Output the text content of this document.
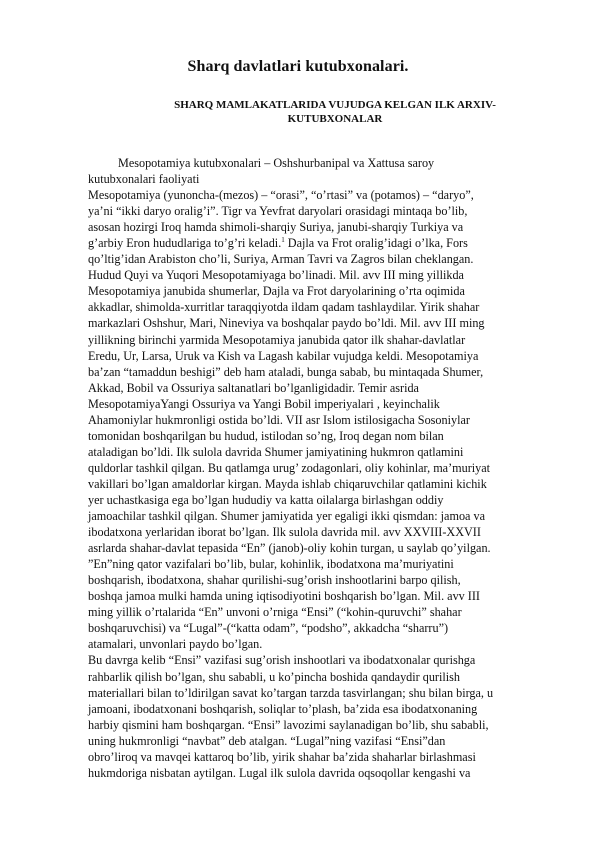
Sharq davlatlari kutubxonalari.
SHARQ MAMLAKATLARIDA VUJUDGA KELGAN ILK ARXIV-
KUTUBXONALAR
Mesopotamiya kutubxonalari – Oshshurbanipal va Xattusa saroy
kutubxonalari faoliyati
Mesopotamiya (yunoncha-(mezos) – “orasi”, “o’rtasi” va (potamos) – “daryo”,
ya’ni “ikki daryo oralig’i”. Tigr va Yevfrat daryolari orasidagi mintaqa bo’lib,
asosan hozirgi Iroq hamda shimoli-sharqiy Suriya, janubi-sharqiy Turkiya va
g’arbiy Eron hududlariga to’g’ri keladi.$^1$ Dajla va Frot oralig’idagi o’lka, Fors
qo’ltig’idan Arabiston cho’li, Suriya, Arman Tavri va Zagros bilan cheklangan.
Hudud Quyi va Yuqori Mesopotamiyaga bo’linadi. Mil. avv III ming yillikda
Mesopotamiya janubida shumerlar, Dajla va Frot daryolarining o’rta oqimida
akkadlar, shimolda-xurritlar taraqqiyotda ildam qadam tashlaydilar. Yirik shahar
markazlari Oshshur, Mari, Nineviya va boshqalar paydo bo’ldi. Mil. avv III ming
yillikning birinchi yarmida Mesopotamiya janubida qator ilk shahar-davlatlar
Eredu, Ur, Larsa, Uruk va Kish va Lagash kabilar vujudga keldi. Mesopotamiya
ba’zan “tamaddun beshigi” deb ham ataladi, bunga sabab, bu mintaqada Shumer,
Akkad, Bobil va Ossuriya saltanatlari bo’lganligidadir. Temir asrida
MesopotamiyaYangi Ossuriya va Yangi Bobil imperiyalari , keyinchalik
Ahamoniylar hukmronligi ostida bo’ldi. VII asr Islom istilosigacha Sosoniylar
tomonidan boshqarilgan bu hudud, istilodan so’ng, Iroq degan nom bilan
ataladigan bo’ldi. Ilk sulola davrida Shumer jamiyatining hukmron qatlamini
quldorlar tashkil qilgan. Bu qatlamga urug’ zodagonlari, oliy kohinlar, ma’muriyat
vakillari bo’lgan amaldorlar kirgan. Mayda ishlab chiqaruvchilar qatlamini kichik
yer uchastkasiga ega bo’lgan hududiy va katta oilalarga birlashgan oddiy
jamoachilar tashkil qilgan. Shumer jamiyatida yer egaligi ikki qismdan: jamoa va
ibodatxona yerlaridan iborat bo’lgan. Ilk sulola davrida mil. avv XXVIII-XXVII
asrlarda shahar-davlat tepasida “En” (janob)-oliy kohin turgan, u saylab qo’yilgan.
”En”ning qator vazifalari bo’lib, bular, kohinlik, ibodatxona ma’muriyatini
boshqarish, ibodatxona, shahar qurilishi-sug’orish inshootlarini barpo qilish,
boshqa jamoa mulki hamda uning iqtisodiyotini boshqarish bo’lgan. Mil. avv III
ming yillik o’rtalarida “En” unvoni o’rniga “Ensi” (“kohin-quruvchi” shahar
boshqaruvchisi) va “Lugal”-(“katta odam”, “podsho”, akkadcha “sharru”)
atamalari, unvonlari paydo bo’lgan.
Bu davrga kelib “Ensi” vazifasi sug’orish inshootlari va ibodatxonalar qurishga
rahbarlik qilish bo’lgan, shu sababli, u ko’pincha boshida qandaydir qurilish
materiallari bilan to’ldirilgan savat ko’targan tarzda tasvirlangan; shu bilan birga, u
jamoani, ibodatxonani boshqarish, soliqlar to’plash, ba’zida esa ibodatxonaning
harbiy qismini ham boshqargan. “Ensi” lavozimi saylanadigan bo’lib, shu sababli,
uning hukmronligi “navbat” deb atalgan. “Lugal”ning vazifasi “Ensi”dan
obro’liroq va mavqei kattaroq bo’lib, yirik shahar ba’zida shaharlar birlashmasi
hukmdoriga nisbatan aytilgan. Lugal ilk sulola davrida oqsoqollar kengashi va
